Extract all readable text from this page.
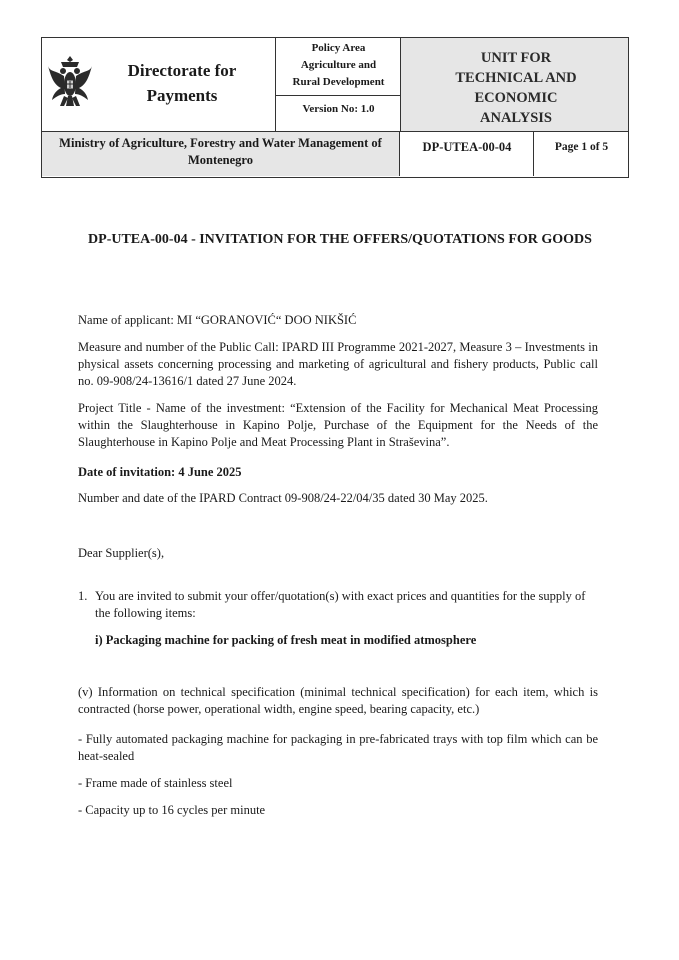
Directorate for Payments
Policy Area Agriculture and Rural Development
Version No: 1.0
UNIT FOR TECHNICAL AND ECONOMIC ANALYSIS
Ministry of Agriculture, Forestry and Water Management of Montenegro
DP-UTEA-00-04	Page 1 of 5
DP-UTEA-00-04 - INVITATION FOR THE OFFERS/QUOTATIONS FOR GOODS
Name of applicant: MI “GORANOVIĆ“ DOO NIKŠIĆ
Measure and number of the Public Call: IPARD III Programme 2021-2027, Measure 3 – Investments in physical assets concerning processing and marketing of agricultural and fishery products, Public call no. 09-908/24-13616/1 dated 27 June 2024.
Project Title - Name of the investment: “Extension of the Facility for Mechanical Meat Processing within the Slaughterhouse in Kapino Polje, Purchase of the Equipment for the Needs of the Slaughterhouse in Kapino Polje and Meat Processing Plant in Straševina”.
Date of invitation: 4 June 2025
Number and date of the IPARD Contract 09-908/24-22/04/35 dated 30 May 2025.
Dear Supplier(s),
1. You are invited to submit your offer/quotation(s) with exact prices and quantities for the supply of the following items:
i) Packaging machine for packing of fresh meat in modified atmosphere
(v) Information on technical specification (minimal technical specification) for each item, which is contracted (horse power, operational width, engine speed, bearing capacity, etc.)
- Fully automated packaging machine for packaging in pre-fabricated trays with top film which can be heat-sealed
- Frame made of stainless steel
- Capacity up to 16 cycles per minute
